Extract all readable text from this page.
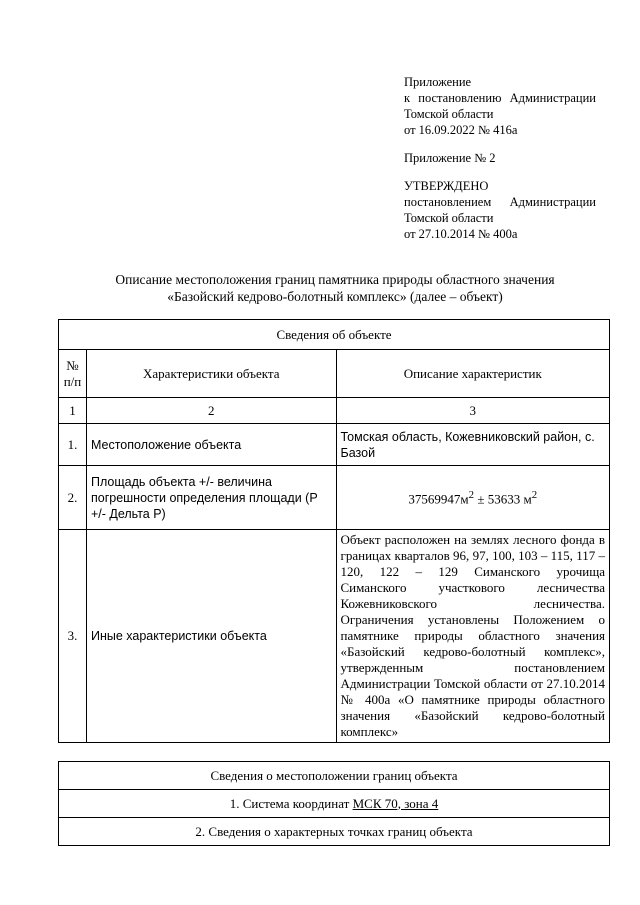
Приложение
к постановлению Администрации
Томской области
от 16.09.2022 № 416а
Приложение № 2
УТВЕРЖДЕНО
постановлением Администрации
Томской области
от 27.10.2014 № 400а
Описание местоположения границ памятника природы областного значения
«Базойский кедрово-болотный комплекс» (далее – объект)
Сведения об объекте		
№ п/п	Характеристики объекта	Описание характеристик
1	2	3
1.	Местоположение объекта	Томская область, Кожевниковский район, с. Базой
2.	Площадь объекта +/- величина погрешности определения площади (Р +/- Дельта Р)	$37569947м^2 \pm 53633$ $м^2$
3.	Иные характеристики объекта	Объект расположен на землях лесного фонда в границах кварталов 96, 97, 100, 103 – 115, 117 – 120, 122 – 129 Симанского урочища Симанского участкового лесничества Кожевниковского лесничества.

Ограничения установлены Положением о памятнике природы областного значения «Базойский кедрово-болотный комплекс», утвержденным постановлением Администрации Томской области от 27.10.2014 № 400а «О памятнике природы областного значения «Базойский кедрово-болотный комплекс»

Сведения о местоположении границ объекта
1. Система координат МСК 70, зона 4
2. Сведения о характерных точках границ объекта
